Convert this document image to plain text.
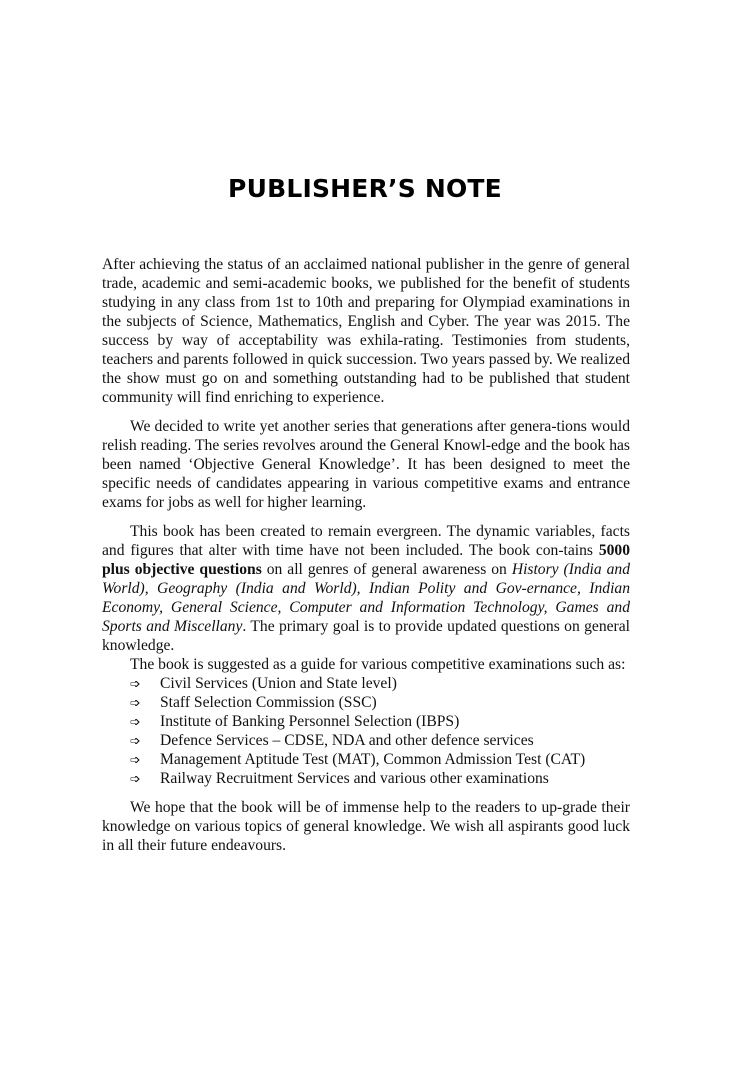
PUBLISHER’S NOTE

After achieving the status of an acclaimed national publisher in the genre of general trade, academic and semi-academic books, we published for the benefit of students studying in any class from 1st to 10th and preparing for Olympiad examinations in the subjects of Science, Mathematics, English and Cyber. The year was 2015. The success by way of acceptability was exhila-rating. Testimonies from students, teachers and parents followed in quick succession. Two years passed by. We realized the show must go on and something outstanding had to be published that student community will find enriching to experience.

We decided to write yet another series that generations after genera-tions would relish reading. The series revolves around the General Knowl-edge and the book has been named ‘Objective General Knowledge’. It has been designed to meet the specific needs of candidates appearing in various competitive exams and entrance exams for jobs as well for higher learning.

This book has been created to remain evergreen. The dynamic variables, facts and figures that alter with time have not been included. The book con-tains 5000 plus objective questions on all genres of general awareness on History (India and World), Geography (India and World), Indian Polity and Gov-ernance, Indian Economy, General Science, Computer and Information Technology, Games and Sports and Miscellany. The primary goal is to provide updated questions on general knowledge.

The book is suggested as a guide for various competitive examinations such as:

➩	Civil Services (Union and State level)
➩	Staff Selection Commission (SSC)
➩	Institute of Banking Personnel Selection (IBPS)
➩	Defence Services – CDSE, NDA and other defence services
➩	Management Aptitude Test (MAT), Common Admission Test (CAT)
➩	Railway Recruitment Services and various other examinations

We hope that the book will be of immense help to the readers to up-grade their knowledge on various topics of general knowledge. We wish all aspirants good luck in all their future endeavours.
